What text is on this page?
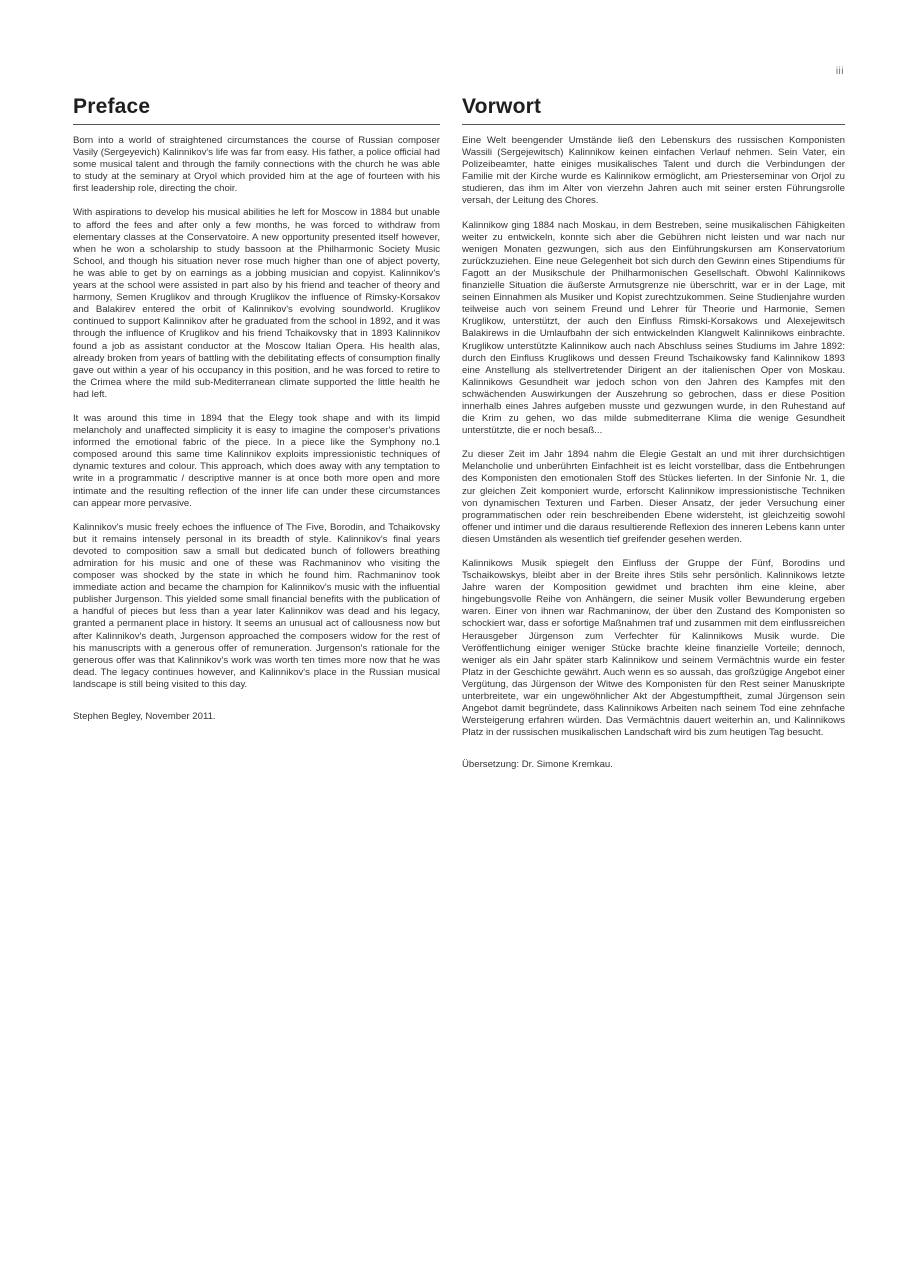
iii
Preface

Born into a world of straightened circumstances the course of Russian composer Vasily (Sergeyevich) Kalinnikov's life was far from easy. His father, a police official had some musical talent and through the family connections with the church he was able to study at the seminary at Oryol which provided him at the age of fourteen with his first leadership role, directing the choir.

With aspirations to develop his musical abilities he left for Moscow in 1884 but unable to afford the fees and after only a few months, he was forced to withdraw from elementary classes at the Conservatoire. A new opportunity presented itself however, when he won a scholarship to study bassoon at the Philharmonic Society Music School, and though his situation never rose much higher than one of abject poverty, he was able to get by on earnings as a jobbing musician and copyist. Kalinnikov's years at the school were assisted in part also by his friend and teacher of theory and harmony, Semen Kruglikov and through Kruglikov the influence of Rimsky-Korsakov and Balakirev entered the orbit of Kalinnikov's evolving soundworld. Kruglikov continued to support Kalinnikov after he graduated from the school in 1892, and it was through the influence of Kruglikov and his friend Tchaikovsky that in 1893 Kalinnikov found a job as assistant conductor at the Moscow Italian Opera. His health alas, already broken from years of battling with the debilitating effects of consumption finally gave out within a year of his occupancy in this position, and he was forced to retire to the Crimea where the mild sub-Mediterranean climate supported the little health he had left.

It was around this time in 1894 that the Elegy took shape and with its limpid melancholy and unaffected simplicity it is easy to imagine the composer's privations informed the emotional fabric of the piece. In a piece like the Symphony no.1 composed around this same time Kalinnikov exploits impressionistic techniques of dynamic textures and colour. This approach, which does away with any temptation to write in a programmatic / descriptive manner is at once both more open and more intimate and the resulting reflection of the inner life can under these circumstances can appear more pervasive.

Kalinnikov's music freely echoes the influence of The Five, Borodin, and Tchaikovsky but it remains intensely personal in its breadth of style. Kalinnikov's final years devoted to composition saw a small but dedicated bunch of followers breathing admiration for his music and one of these was Rachmaninov who visiting the composer was shocked by the state in which he found him. Rachmaninov took immediate action and became the champion for Kalinnikov's music with the influential publisher Jurgenson. This yielded some small financial benefits with the publication of a handful of pieces but less than a year later Kalinnikov was dead and his legacy, granted a permanent place in history. It seems an unusual act of callousness now but after Kalinnikov's death, Jurgenson approached the composers widow for the rest of his manuscripts with a generous offer of remuneration. Jurgenson's rationale for the generous offer was that Kalinnikov's work was worth ten times more now that he was dead. The legacy continues however, and Kalinnikov's place in the Russian musical landscape is still being visited to this day.

Stephen Begley, November 2011.

Vorwort

Eine Welt beengender Umstände ließ den Lebenskurs des russischen Komponisten Wassili (Sergejewitsch) Kalinnikow keinen einfachen Verlauf nehmen. Sein Vater, ein Polizeibeamter, hatte einiges musikalisches Talent und durch die Verbindungen der Familie mit der Kirche wurde es Kalinnikow ermöglicht, am Priesterseminar von Orjol zu studieren, das ihm im Alter von vierzehn Jahren auch mit seiner ersten Führungsrolle versah, der Leitung des Chores.

Kalinnikow ging 1884 nach Moskau, in dem Bestreben, seine musikalischen Fähigkeiten weiter zu entwickeln, konnte sich aber die Gebühren nicht leisten und war nach nur wenigen Monaten gezwungen, sich aus den Einführungskursen am Konservatorium zurückzuziehen. Eine neue Gelegenheit bot sich durch den Gewinn eines Stipendiums für Fagott an der Musikschule der Philharmonischen Gesellschaft. Obwohl Kalinnikows finanzielle Situation die äußerste Armutsgrenze nie überschritt, war er in der Lage, mit seinen Einnahmen als Musiker und Kopist zurechtzukommen. Seine Studienjahre wurden teilweise auch von seinem Freund und Lehrer für Theorie und Harmonie, Semen Kruglikow, unterstützt, der auch den Einfluss Rimski-Korsakows und Alexejewitsch Balakirews in die Umlaufbahn der sich entwickelnden Klangwelt Kalinnikows einbrachte. Kruglikow unterstützte Kalinnikow auch nach Abschluss seines Studiums im Jahre 1892: durch den Einfluss Kruglikows und dessen Freund Tschaikowsky fand Kalinnikow 1893 eine Anstellung als stellvertretender Dirigent an der italienischen Oper von Moskau. Kalinnikows Gesundheit war jedoch schon von den Jahren des Kampfes mit den schwächenden Auswirkungen der Auszehrung so gebrochen, dass er diese Position innerhalb eines Jahres aufgeben musste und gezwungen wurde, in den Ruhestand auf die Krim zu gehen, wo das milde submediterrane Klima die wenige Gesundheit unterstützte, die er noch besaß...

Zu dieser Zeit im Jahr 1894 nahm die Elegie Gestalt an und mit ihrer durchsichtigen Melancholie und unberührten Einfachheit ist es leicht vorstellbar, dass die Entbehrungen des Komponisten den emotionalen Stoff des Stückes lieferten. In der Sinfonie Nr. 1, die zur gleichen Zeit komponiert wurde, erforscht Kalinnikow impressionistische Techniken von dynamischen Texturen und Farben. Dieser Ansatz, der jeder Versuchung einer programmatischen oder rein beschreibenden Ebene widersteht, ist gleichzeitig sowohl offener und intimer und die daraus resultierende Reflexion des inneren Lebens kann unter diesen Umständen als wesentlich tief greifender gesehen werden.

Kalinnikows Musik spiegelt den Einfluss der Gruppe der Fünf, Borodins und Tschaikowskys, bleibt aber in der Breite ihres Stils sehr persönlich. Kalinnikows letzte Jahre waren der Komposition gewidmet und brachten ihm eine kleine, aber hingebungsvolle Reihe von Anhängern, die seiner Musik voller Bewunderung ergeben waren. Einer von ihnen war Rachmaninow, der über den Zustand des Komponisten so schockiert war, dass er sofortige Maßnahmen traf und zusammen mit dem einflussreichen Herausgeber Jürgenson zum Verfechter für Kalinnikows Musik wurde. Die Veröffentlichung einiger weniger Stücke brachte kleine finanzielle Vorteile; dennoch, weniger als ein Jahr später starb Kalinnikow und seinem Vermächtnis wurde ein fester Platz in der Geschichte gewährt. Auch wenn es so aussah, das großzügige Angebot einer Vergütung, das Jürgenson der Witwe des Komponisten für den Rest seiner Manuskripte unterbreitete, war ein ungewöhnlicher Akt der Abgestumpftheit, zumal Jürgenson sein Angebot damit begründete, dass Kalinnikows Arbeiten nach seinem Tod eine zehnfache Wersteigerung erfahren würden. Das Vermächtnis dauert weiterhin an, und Kalinnikows Platz in der russischen musikalischen Landschaft wird bis zum heutigen Tag besucht.

Übersetzung: Dr. Simone Kremkau.
